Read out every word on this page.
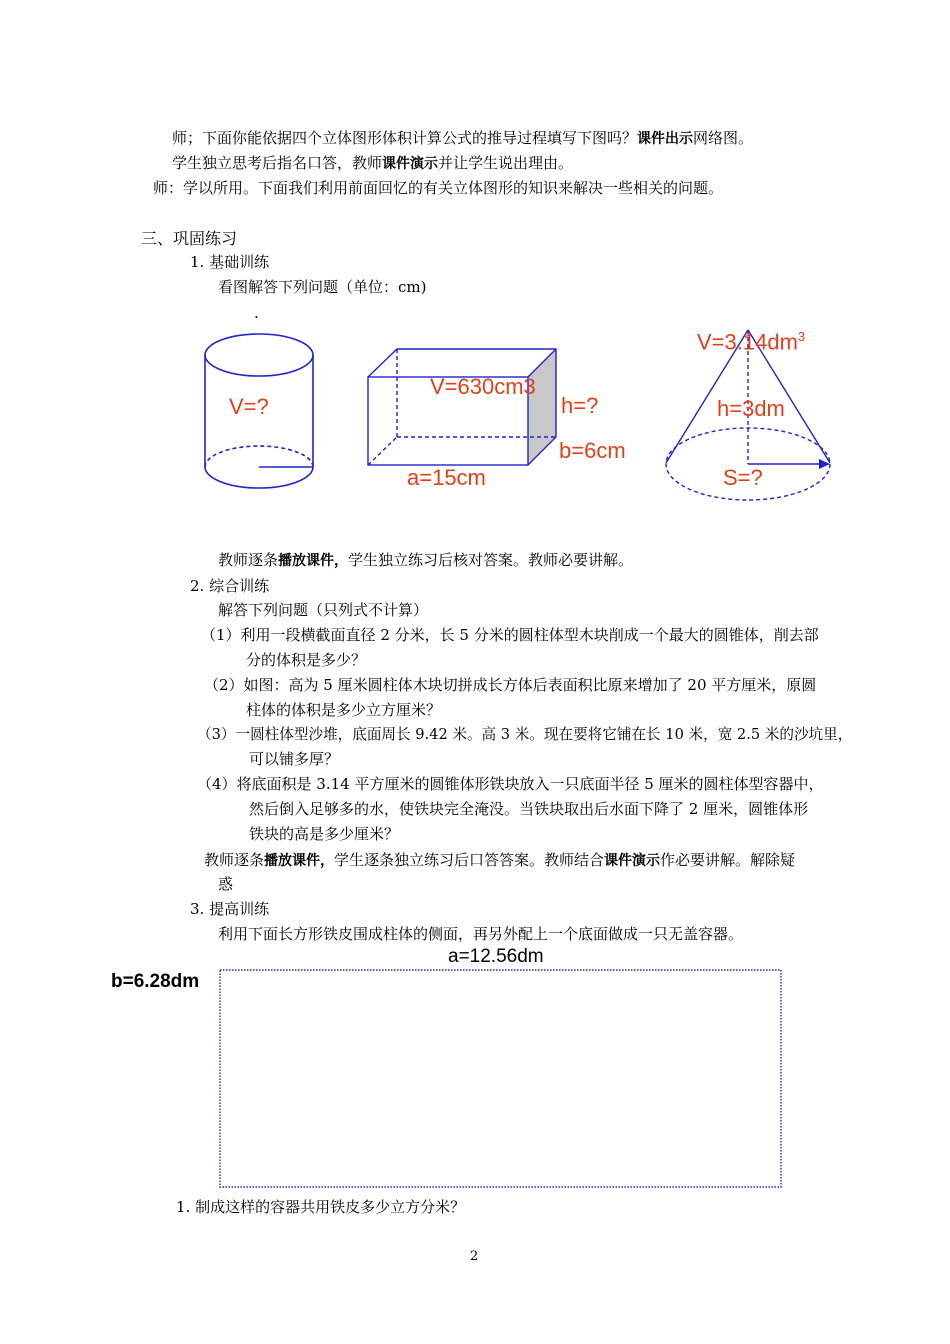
师；下面你能依据四个立体图形体积计算公式的推导过程填写下图吗？课件出示网络图。
学生独立思考后指名口答，教师课件演示并让学生说出理由。
师：学以所用。下面我们利用前面回忆的有关立体图形的知识来解决一些相关的问题。
三、巩固练习
1. 基础训练
看图解答下列问题（单位：cm)
.
V=?
V=630cm3
h=?
b=6cm
a=15cm
$V=3.14dm^3$
h=3dm
S=?
教师逐条播放课件，学生独立练习后核对答案。教师必要讲解。
2. 综合训练
解答下列问题（只列式不计算）
（1）利用一段横截面直径 2 分米，长 5 分米的圆柱体型木块削成一个最大的圆锥体，削去部
分的体积是多少？
（2）如图：高为 5 厘米圆柱体木块切拼成长方体后表面积比原来增加了 20 平方厘米，原圆
柱体的体积是多少立方厘米？
（3）一圆柱体型沙堆，底面周长 9.42 米。高 3 米。现在要将它铺在长 10 米，宽 2.5 米的沙坑里，
可以铺多厚？
（4）将底面积是 3.14 平方厘米的圆锥体形铁块放入一只底面半径 5 厘米的圆柱体型容器中，
然后倒入足够多的水，使铁块完全淹没。当铁块取出后水面下降了 2 厘米，圆锥体形
铁块的高是多少厘米？
教师逐条播放课件，学生逐条独立练习后口答答案。教师结合课件演示作必要讲解。解除疑
惑
3. 提高训练
利用下面长方形铁皮围成柱体的侧面，再另外配上一个底面做成一只无盖容器。
a=12.56dm
b=6.28dm
1. 制成这样的容器共用铁皮多少立方分米？
2
